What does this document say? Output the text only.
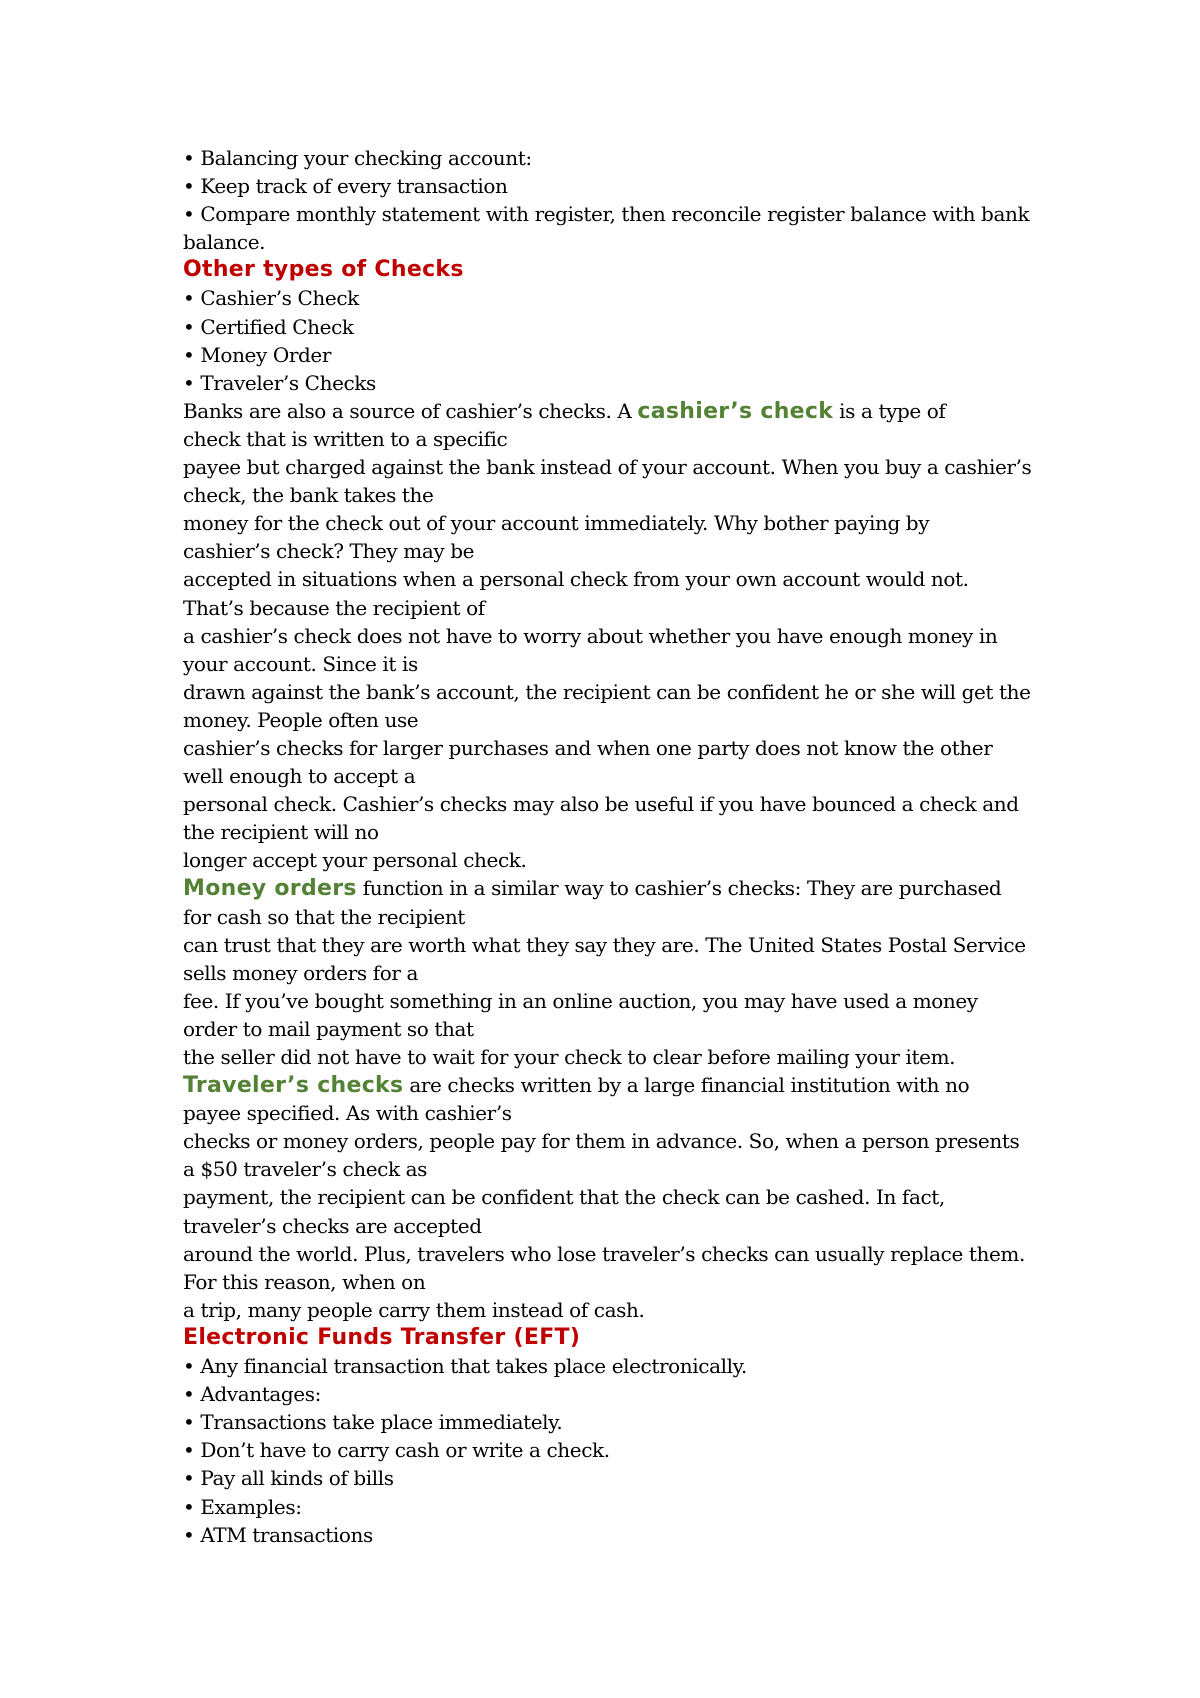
• Balancing your checking account:
• Keep track of every transaction
• Compare monthly statement with register, then reconcile register balance with bank
balance.
Other types of Checks
• Cashier’s Check
• Certified Check
• Money Order
• Traveler’s Checks
Banks are also a source of cashier’s checks. A cashier’s check is a type of
check that is written to a specific
payee but charged against the bank instead of your account. When you buy a cashier’s
check, the bank takes the
money for the check out of your account immediately. Why bother paying by
cashier’s check? They may be
accepted in situations when a personal check from your own account would not.
That’s because the recipient of
a cashier’s check does not have to worry about whether you have enough money in
your account. Since it is
drawn against the bank’s account, the recipient can be confident he or she will get the
money. People often use
cashier’s checks for larger purchases and when one party does not know the other
well enough to accept a
personal check. Cashier’s checks may also be useful if you have bounced a check and
the recipient will no
longer accept your personal check.
Money orders function in a similar way to cashier’s checks: They are purchased
for cash so that the recipient
can trust that they are worth what they say they are. The United States Postal Service
sells money orders for a
fee. If you’ve bought something in an online auction, you may have used a money
order to mail payment so that
the seller did not have to wait for your check to clear before mailing your item.
Traveler’s checks are checks written by a large financial institution with no
payee specified. As with cashier’s
checks or money orders, people pay for them in advance. So, when a person presents
a $50 traveler’s check as
payment, the recipient can be confident that the check can be cashed. In fact,
traveler’s checks are accepted
around the world. Plus, travelers who lose traveler’s checks can usually replace them.
For this reason, when on
a trip, many people carry them instead of cash.
Electronic Funds Transfer (EFT)
• Any financial transaction that takes place electronically.
• Advantages:
• Transactions take place immediately.
• Don’t have to carry cash or write a check.
• Pay all kinds of bills
• Examples:
• ATM transactions
